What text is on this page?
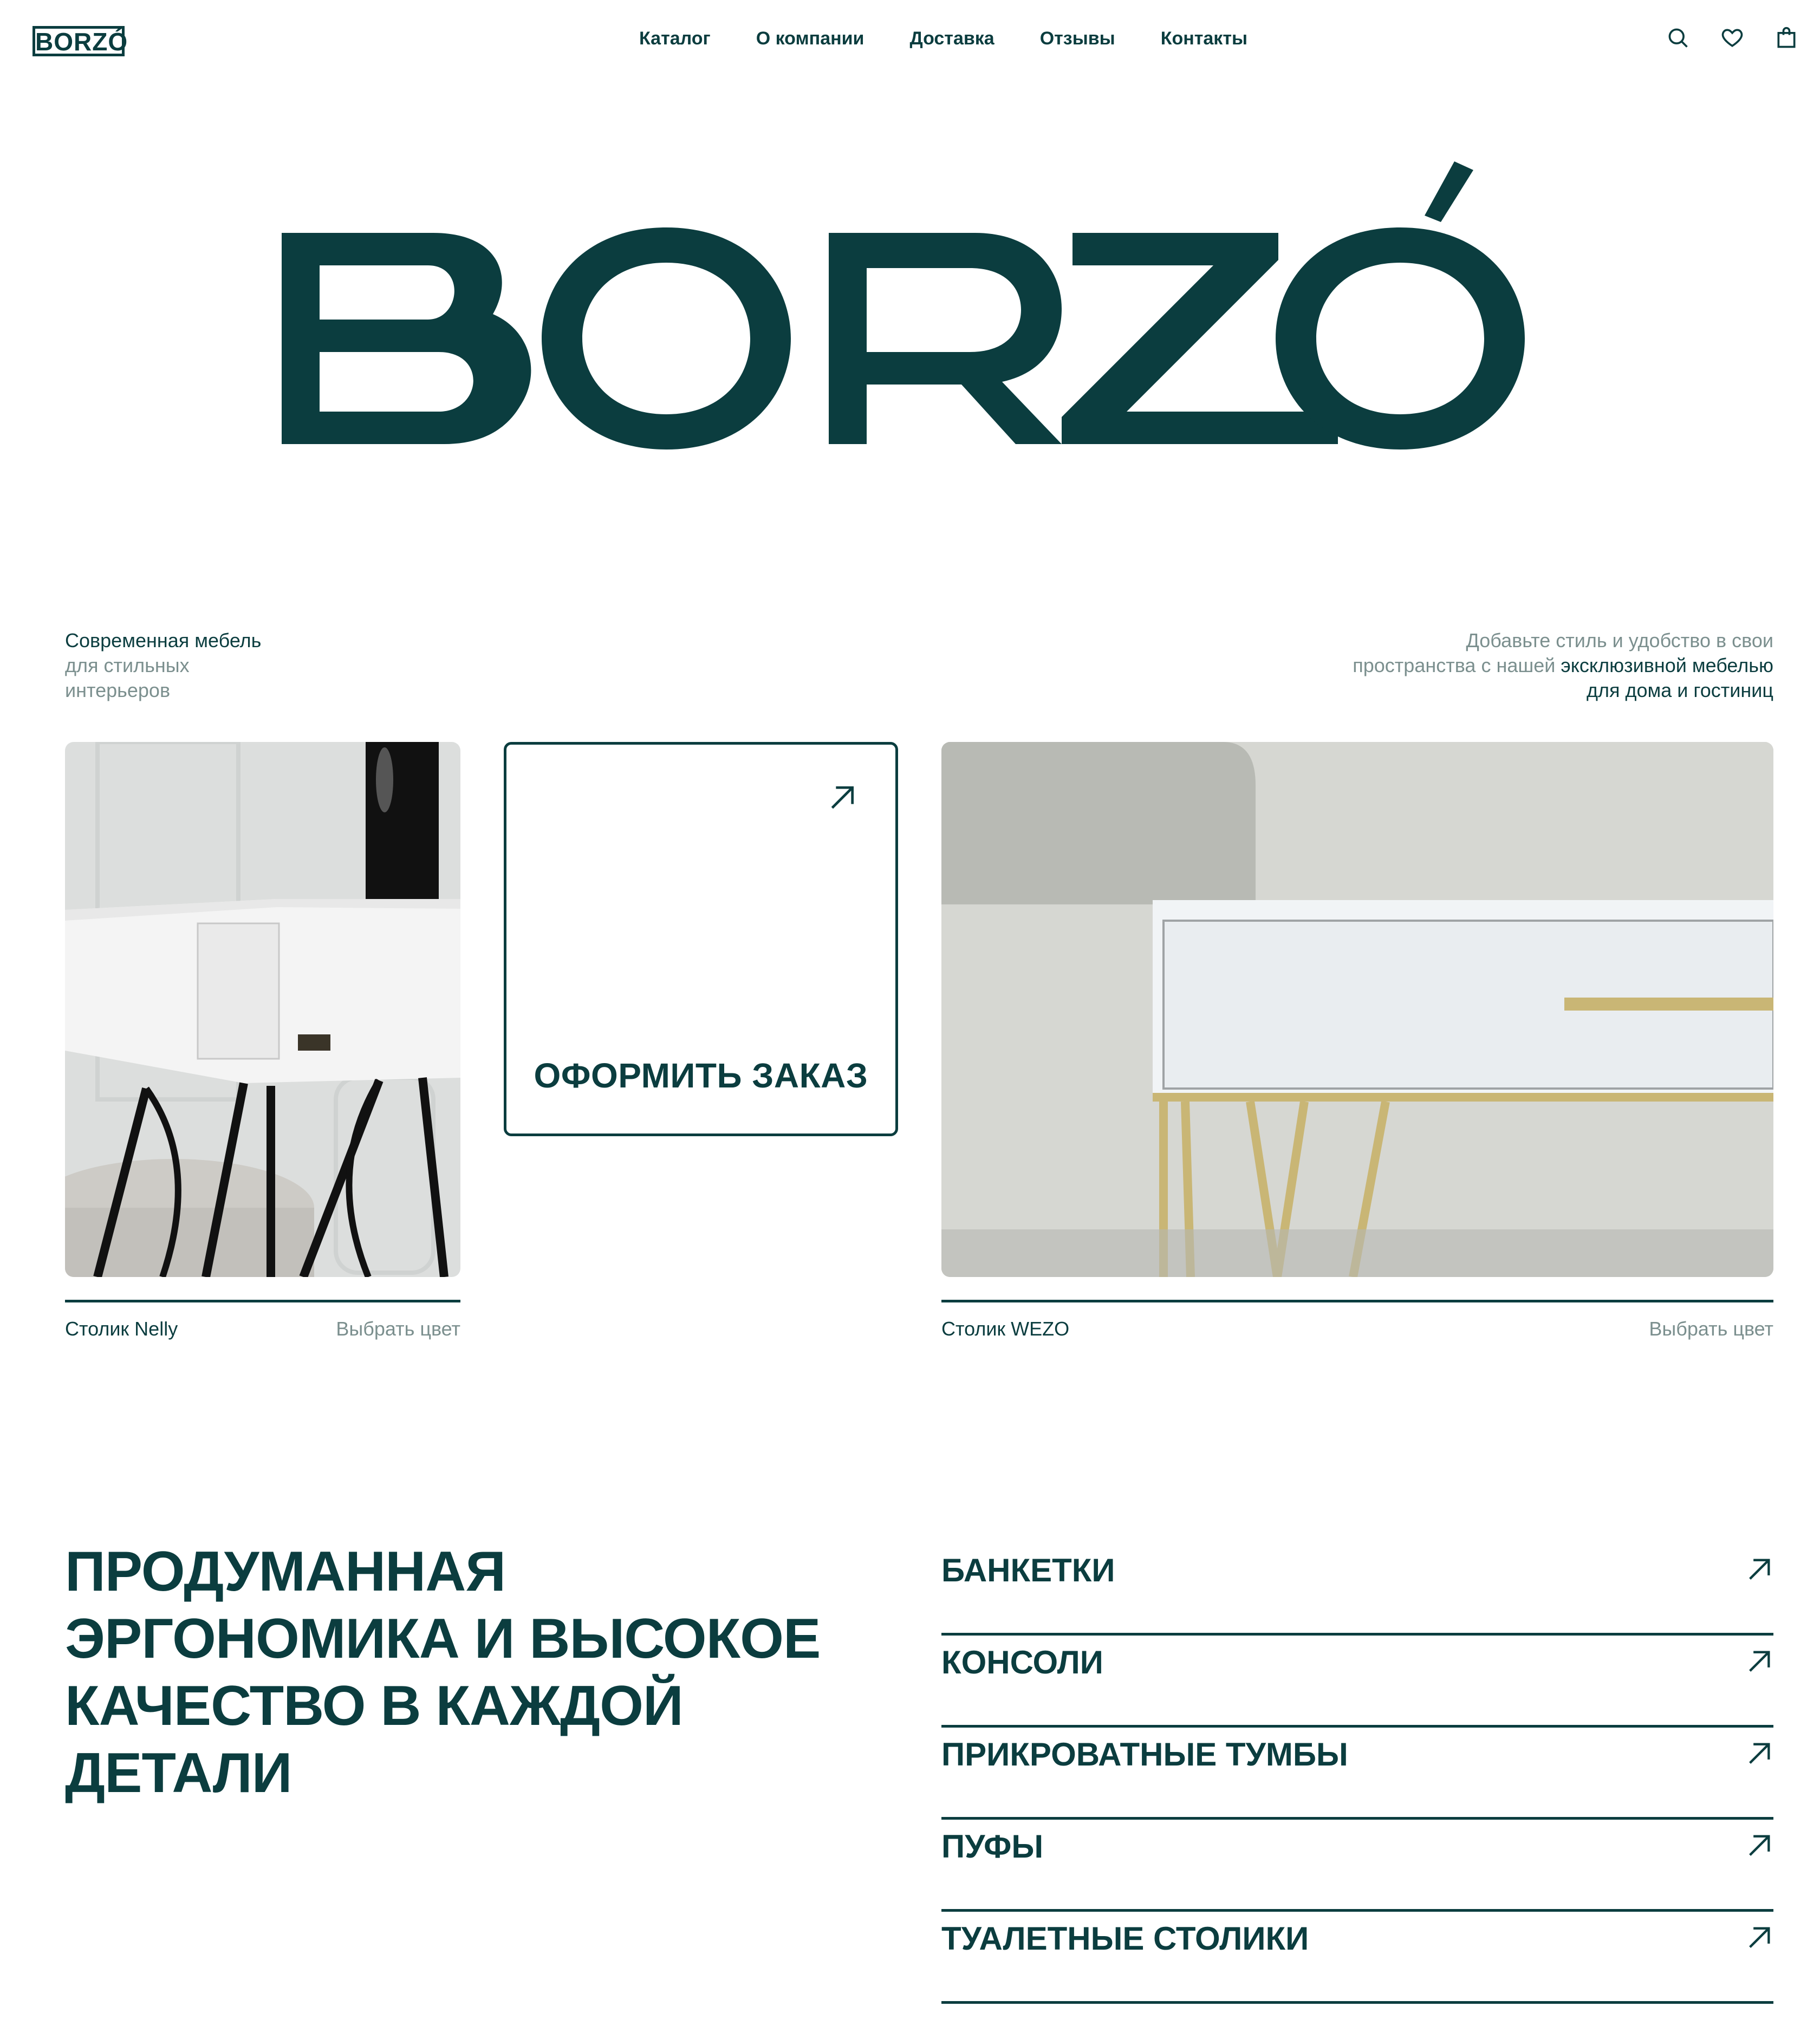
BORZÓ	Каталог О компании Доставка Отзывы Контакты
Современная мебель
для стильных
интерьеров
Добавьте стиль и удобство в свои
пространства с нашей эксклюзивной мебелью
для дома и гостиниц
Столик Nelly	Выбрать цвет
ОФОРМИТЬ ЗАКАЗ
Столик WEZO	Выбрать цвет
ПРОДУМАННАЯ
ЭРГОНОМИКА И ВЫСОКОЕ
КАЧЕСТВО В КАЖДОЙ
ДЕТАЛИ
БАНКЕТКИ
КОНСОЛИ
ПРИКРОВАТНЫЕ ТУМБЫ
ПУФЫ
ТУАЛЕТНЫЕ СТОЛИКИ
